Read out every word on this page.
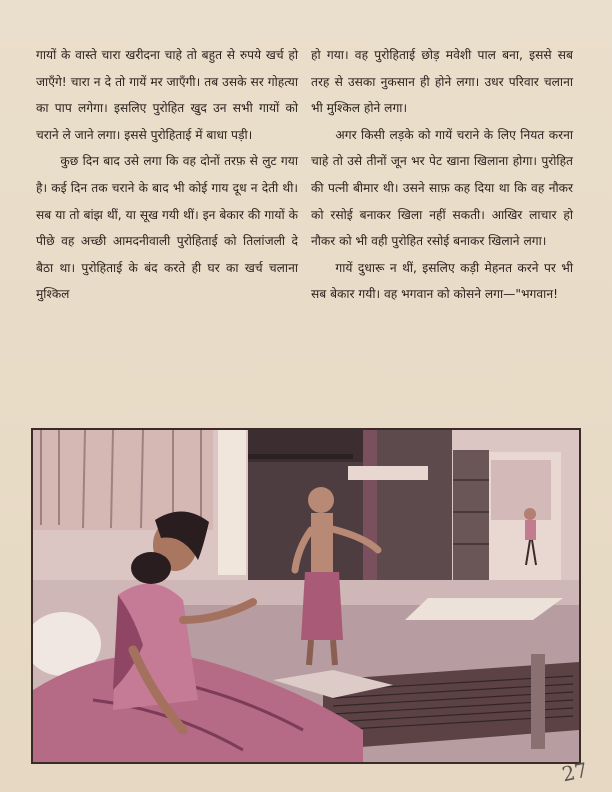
गायों के वास्ते चारा खरीदना चाहे तो बहुत से रुपये खर्च हो जाएँगे! चारा न दे तो गायें मर जाएँगी। तब उसके सर गोहत्या का पाप लगेगा। इसलिए पुरोहित खुद उन सभी गायों को चराने ले जाने लगा। इससे पुरोहिताई में बाधा पड़ी।

कुछ दिन बाद उसे लगा कि वह दोनों तरफ़ से लुट गया है। कई दिन तक चराने के बाद भी कोई गाय दूध न देती थी। सब या तो बांझ थीं, या सूख गयी थीं। इन बेकार की गायों के पीछे वह अच्छी आमदनीवाली पुरोहिताई को तिलांजली दे बैठा था। पुरोहिताई के बंद करते ही घर का खर्च चलाना मुश्किल

हो गया। वह पुरोहिताई छोड़ मवेशी पाल बना, इससे सब तरह से उसका नुकसान ही होने लगा। उधर परिवार चलाना भी मुश्किल होने लगा।

अगर किसी लड़के को गायें चराने के लिए नियत करना चाहे तो उसे तीनों जून भर पेट खाना खिलाना होगा। पुरोहित की पत्नी बीमार थी। उसने साफ़ कह दिया था कि वह नौकर को रसोई बनाकर खिला नहीं सकती। आखिर लाचार हो नौकर को भी वही पुरोहित रसोई बनाकर खिलाने लगा।

गायें दुधारू न थीं, इसलिए कड़ी मेहनत करने पर भी सब बेकार गयी। वह भगवान को कोसने लगा—"भगवान!

27
